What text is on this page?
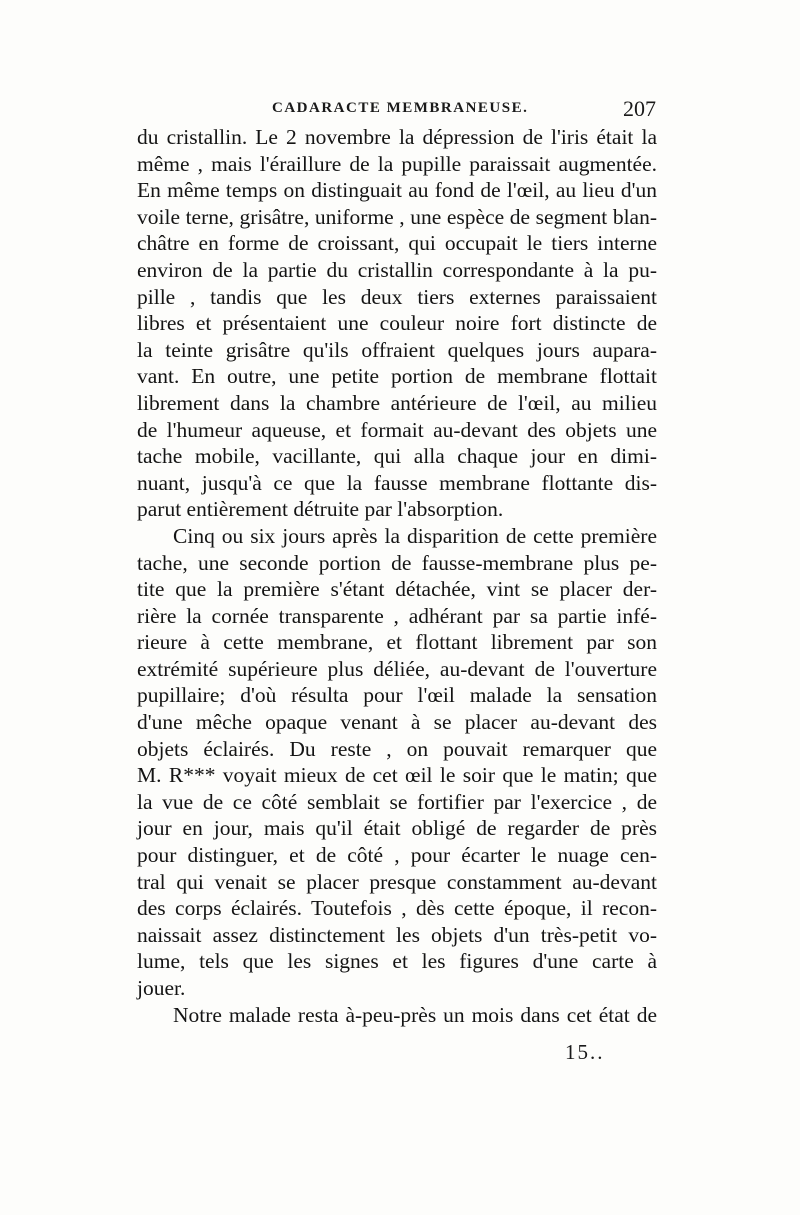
CADARACTE MEMBRANEUSE.	207
du cristallin. Le 2 novembre la dépression de l'iris était la
même , mais l'éraillure de la pupille paraissait augmentée.
En même temps on distinguait au fond de l'œil, au lieu d'un
voile terne, grisâtre, uniforme , une espèce de segment blan-
châtre en forme de croissant, qui occupait le tiers interne
environ de la partie du cristallin correspondante à la pu-
pille , tandis que les deux tiers externes paraissaient
libres et présentaient une couleur noire fort distincte de
la teinte grisâtre qu'ils offraient quelques jours aupara-
vant. En outre, une petite portion de membrane flottait
librement dans la chambre antérieure de l'œil, au milieu
de l'humeur aqueuse, et formait au-devant des objets une
tache mobile, vacillante, qui alla chaque jour en dimi-
nuant, jusqu'à ce que la fausse membrane flottante dis-
parut entièrement détruite par l'absorption.
Cinq ou six jours après la disparition de cette première
tache, une seconde portion de fausse-membrane plus pe-
tite que la première s'étant détachée, vint se placer der-
rière la cornée transparente , adhérant par sa partie infé-
rieure à cette membrane, et flottant librement par son
extrémité supérieure plus déliée, au-devant de l'ouverture
pupillaire; d'où résulta pour l'œil malade la sensation
d'une mêche opaque venant à se placer au-devant des
objets éclairés. Du reste , on pouvait remarquer que
M. R*** voyait mieux de cet œil le soir que le matin; que
la vue de ce côté semblait se fortifier par l'exercice , de
jour en jour, mais qu'il était obligé de regarder de près
pour distinguer, et de côté , pour écarter le nuage cen-
tral qui venait se placer presque constamment au-devant
des corps éclairés. Toutefois , dès cette époque, il recon-
naissait assez distinctement les objets d'un très-petit vo-
lume, tels que les signes et les figures d'une carte à
jouer.
Notre malade resta à-peu-près un mois dans cet état de
15..
